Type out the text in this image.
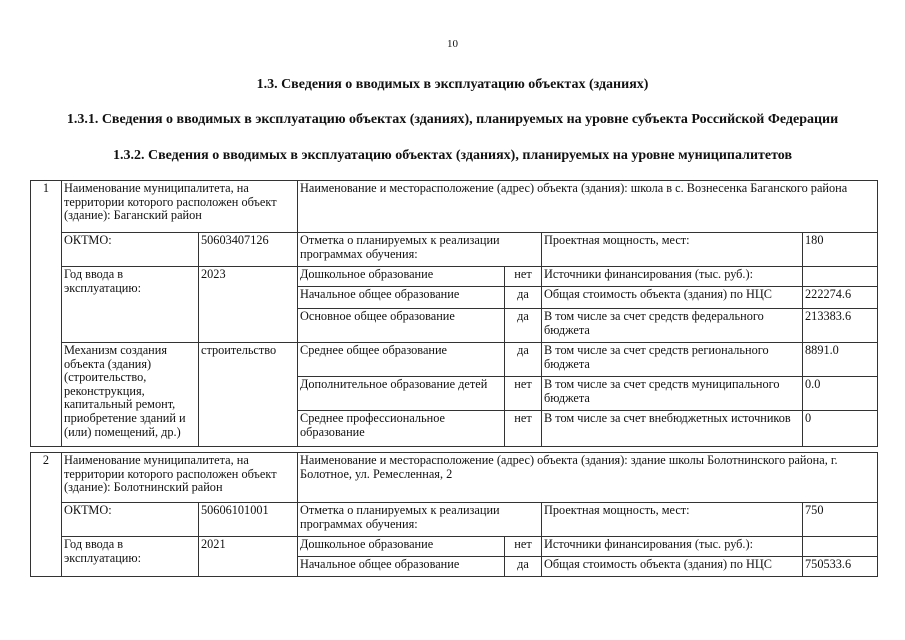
10
1.3. Сведения о вводимых в эксплуатацию объектах (зданиях)
1.3.1. Сведения о вводимых в эксплуатацию объектах (зданиях), планируемых на уровне субъекта Российской Федерации
1.3.2. Сведения о вводимых в эксплуатацию объектах (зданиях), планируемых на уровне муниципалитетов
1	Наименование муниципалитета, на территории которого расположен объект (здание): Баганский район		Наименование и месторасположение (адрес) объекта (здания): школа в с. Вознесенка Баганского района			
	ОКТМО:	50603407126	Отметка о планируемых к реализации программах обучения:		Проектная мощность, мест:	180
	Год ввода в эксплуатацию:	2023	Дошкольное образование	нет	Источники финансирования (тыс. руб.):	
			Начальное общее образование	да	Общая стоимость объекта (здания) по НЦС	222274.6
			Основное общее образование	да	В том числе за счет средств федерального бюджета	213383.6
	Механизм создания объекта (здания) (строительство, реконструкция, капитальный ремонт, приобретение зданий и (или) помещений, др.)	строительство	Среднее общее образование	да	В том числе за счет средств регионального бюджета	8891.0
			Дополнительное образование детей	нет	В том числе за счет средств муниципального бюджета	0.0
			Среднее профессиональное образование	нет	В том числе за счет внебюджетных источников	0
2	Наименование муниципалитета, на территории которого расположен объект (здание): Болотнинский район		Наименование и месторасположение (адрес) объекта (здания): здание школы Болотнинского района, г. Болотное, ул. Ремесленная, 2			
	ОКТМО:	50606101001	Отметка о планируемых к реализации программах обучения:		Проектная мощность, мест:	750
	Год ввода в эксплуатацию:	2021	Дошкольное образование	нет	Источники финансирования (тыс. руб.):	
			Начальное общее образование	да	Общая стоимость объекта (здания) по НЦС	750533.6
